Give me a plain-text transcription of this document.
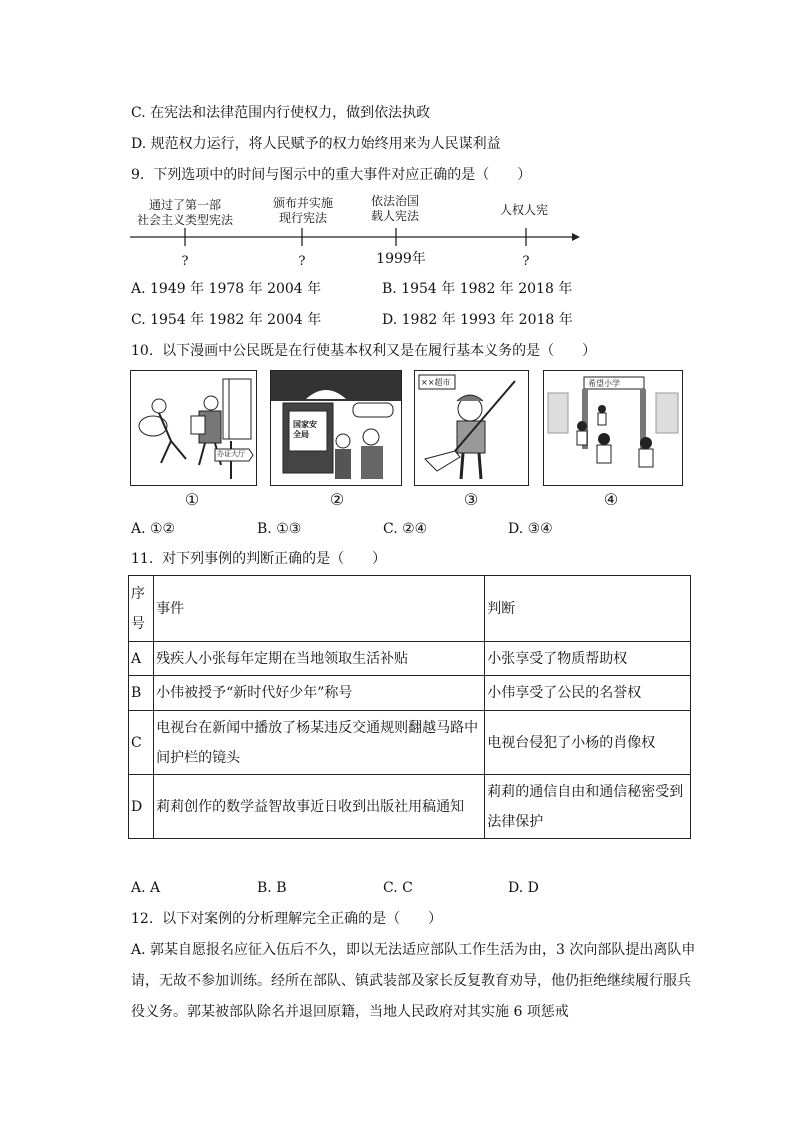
C. 在宪法和法律范围内行使权力，做到依法执政
D. 规范权力运行，将人民赋予的权力始终用来为人民谋利益
9.  下列选项中的时间与图示中的重大事件对应正确的是（　　）
通过了第一部
社会主义类型宪法
颁布并实施
现行宪法
依法治国
载人宪法	人权人宪
?	?	1999年	?
A. 1949 年 1978 年 2004 年	B. 1954 年 1982 年 2018 年
C. 1954 年 1982 年 2004 年	D. 1982 年 1993 年 2018 年
10.  以下漫画中公民既是在行使基本权利又是在履行基本义务的是（　　）
办证大厅
国家安全局
××超市	希望小学
①	②	③	④
A. ①②	B. ①③	C. ②④	D. ③④
11.  对下列事例的判断正确的是（　　）
序
号	事件	判断
A	残疾人小张每年定期在当地领取生活补贴	小张享受了物质帮助权
B	小伟被授予“新时代好少年”称号	小伟享受了公民的名誉权
C	电视台在新闻中播放了杨某违反交通规则翻越马路中
间护栏的镜头	电视台侵犯了小杨的肖像权
D	莉莉创作的数学益智故事近日收到出版社用稿通知	莉莉的通信自由和通信秘密受到
法律保护
A. A	B. B	C. C	D. D
12.  以下对案例的分析理解完全正确的是（　　）
A. 郭某自愿报名应征入伍后不久，即以无法适应部队工作生活为由，3 次向部队提出离队申
请，无故不参加训练。经所在部队、镇武装部及家长反复教育劝导，他仍拒绝继续履行服兵
役义务。郭某被部队除名并退回原籍，当地人民政府对其实施 6 项惩戒
